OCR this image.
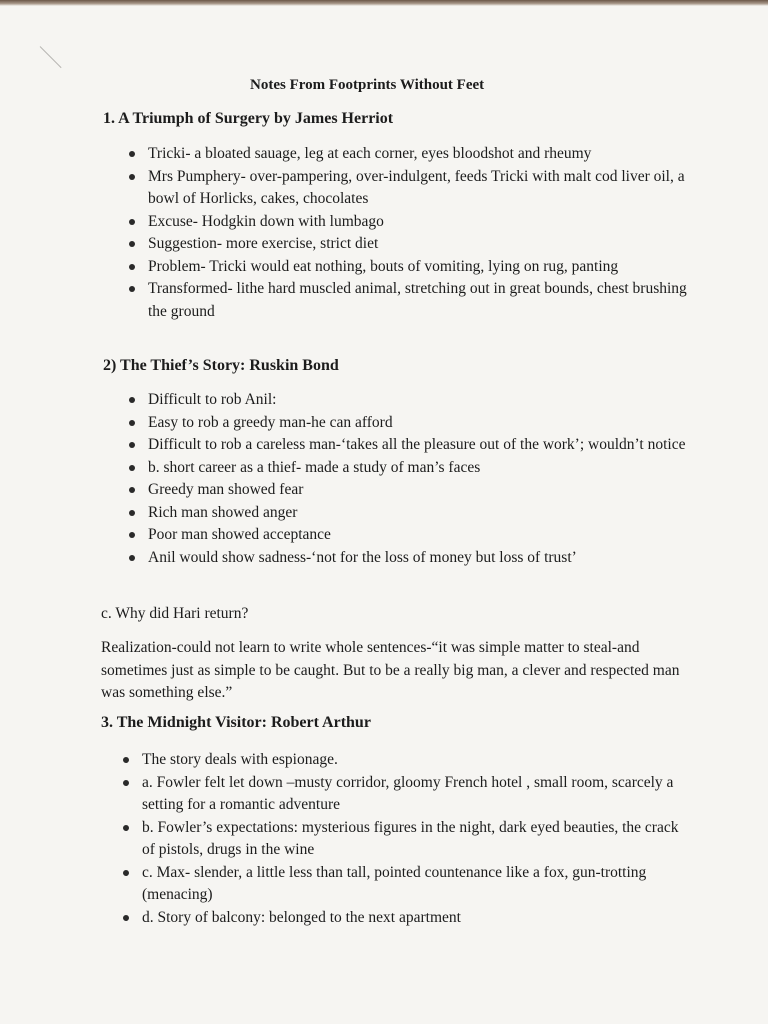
Notes From Footprints Without Feet
1. A Triumph of Surgery by James Herriot
Tricki- a bloated sauage, leg at each corner, eyes bloodshot and rheumy
Mrs Pumphery- over-pampering, over-indulgent, feeds Tricki with malt cod liver oil, a bowl of Horlicks, cakes, chocolates
Excuse- Hodgkin down with lumbago
Suggestion- more exercise, strict diet
Problem- Tricki would eat nothing, bouts of vomiting, lying on rug, panting
Transformed- lithe hard muscled animal, stretching out in great bounds, chest brushing the ground
2) The Thief’s Story: Ruskin Bond
Difficult to rob Anil:
Easy to rob a greedy man-he can afford
Difficult to rob a careless man-‘takes all the pleasure out of the work’; wouldn’t notice
b. short career as a thief- made a study of man’s faces
Greedy man showed fear
Rich man showed anger
Poor man showed acceptance
Anil would show sadness-‘not for the loss of money but loss of trust’

c. Why did Hari return?

Realization-could not learn to write whole sentences-“it was simple matter to steal-and sometimes just as simple to be caught. But to be a really big man, a clever and respected man was something else.”

3. The Midnight Visitor: Robert Arthur
The story deals with espionage.
a. Fowler felt let down –musty corridor, gloomy French hotel , small room, scarcely a setting for a romantic adventure
b. Fowler’s expectations: mysterious figures in the night, dark eyed beauties, the crack of pistols, drugs in the wine
c. Max- slender, a little less than tall, pointed countenance like a fox, gun-trotting (menacing)
d. Story of balcony: belonged to the next apartment
